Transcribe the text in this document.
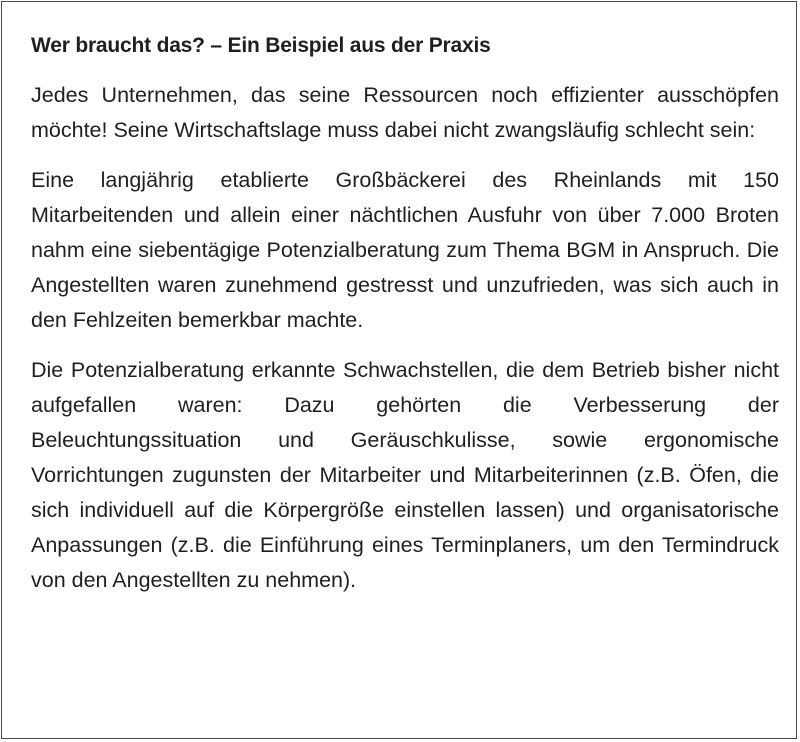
Wer braucht das? – Ein Beispiel aus der Praxis

Jedes Unternehmen, das seine Ressourcen noch effizienter ausschöpfen möchte! Seine Wirtschaftslage muss dabei nicht zwangsläufig schlecht sein:

Eine langjährig etablierte Großbäckerei des Rheinlands mit 150 Mitarbeitenden und allein einer nächtlichen Ausfuhr von über 7.000 Broten nahm eine siebentägige Potenzialberatung zum Thema BGM in Anspruch. Die Angestellten waren zunehmend gestresst und unzufrieden, was sich auch in den Fehlzeiten bemerkbar machte.

Die Potenzialberatung erkannte Schwachstellen, die dem Betrieb bisher nicht aufgefallen waren: Dazu gehörten die Verbesserung der Beleuchtungssituation und Geräuschkulisse, sowie ergonomische Vorrichtungen zugunsten der Mitarbeiter und Mitarbeiterinnen (z.B. Öfen, die sich individuell auf die Körpergröße einstellen lassen) und organisatorische Anpassungen (z.B. die Einführung eines Terminplaners, um den Termindruck von den Angestellten zu nehmen).
